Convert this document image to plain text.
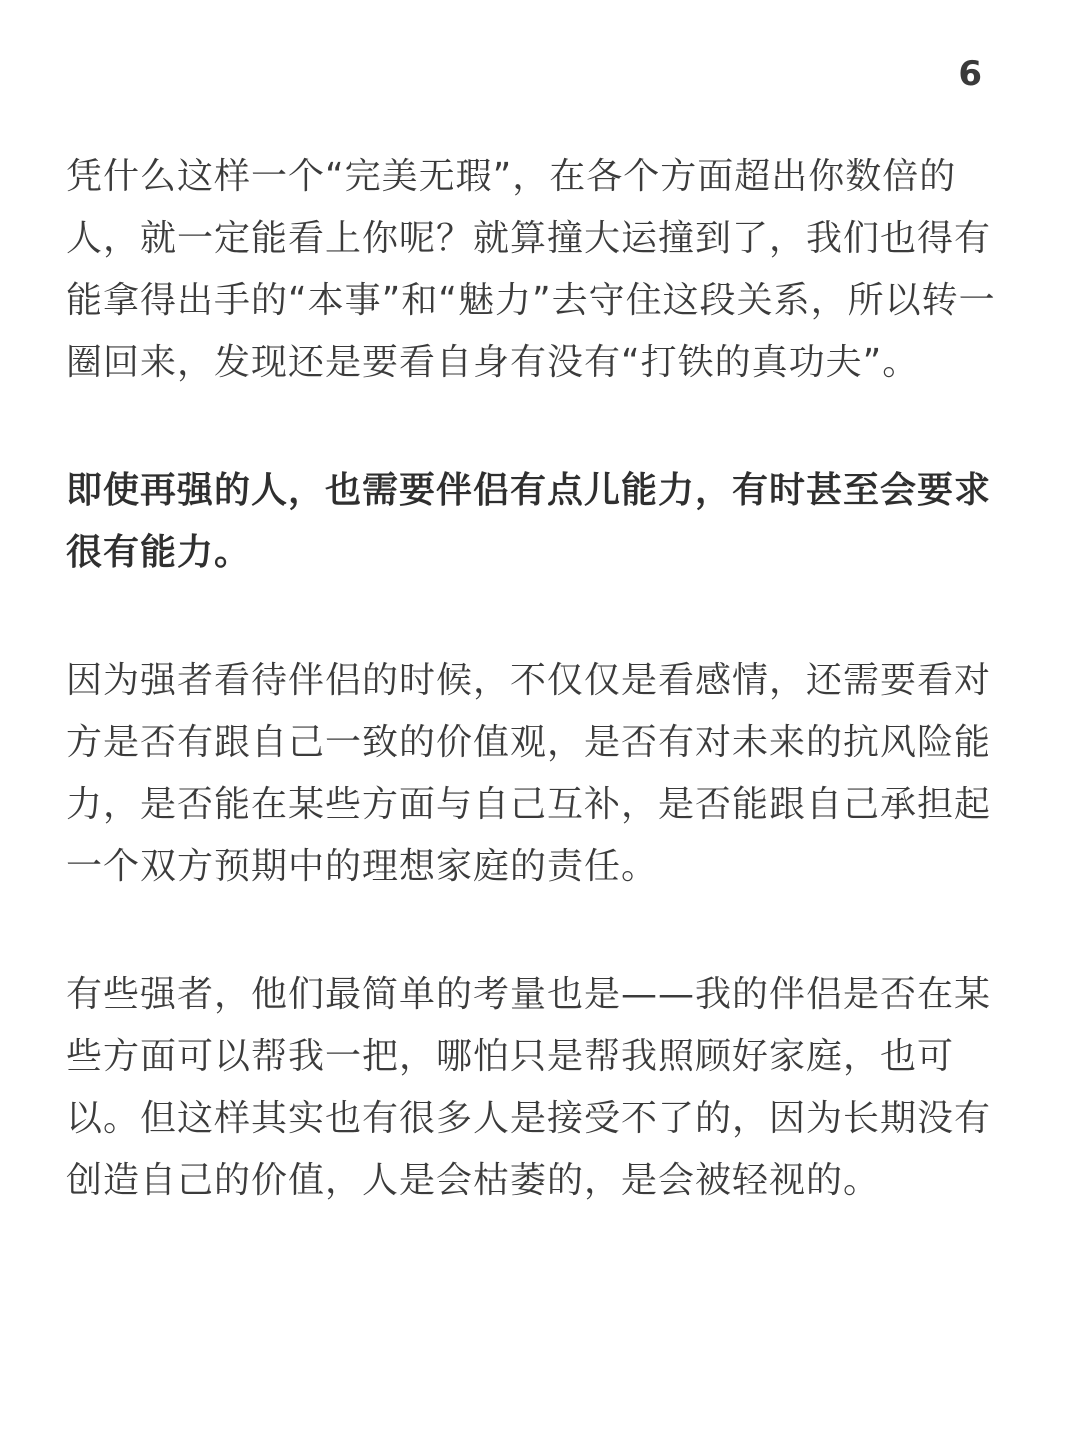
6

凭什么这样一个“完美无瑕”，在各个方面超出你数倍的人，就一定能看上你呢？就算撞大运撞到了，我们也得有能拿得出手的“本事”和“魅力”去守住这段关系，所以转一圈回来，发现还是要看自身有没有“打铁的真功夫”。

即使再强的人，也需要伴侣有点儿能力，有时甚至会要求很有能力。

因为强者看待伴侣的时候，不仅仅是看感情，还需要看对方是否有跟自己一致的价值观，是否有对未来的抗风险能力，是否能在某些方面与自己互补，是否能跟自己承担起一个双方预期中的理想家庭的责任。

有些强者，他们最简单的考量也是——我的伴侣是否在某些方面可以帮我一把，哪怕只是帮我照顾好家庭，也可以。但这样其实也有很多人是接受不了的，因为长期没有创造自己的价值，人是会枯萎的，是会被轻视的。
